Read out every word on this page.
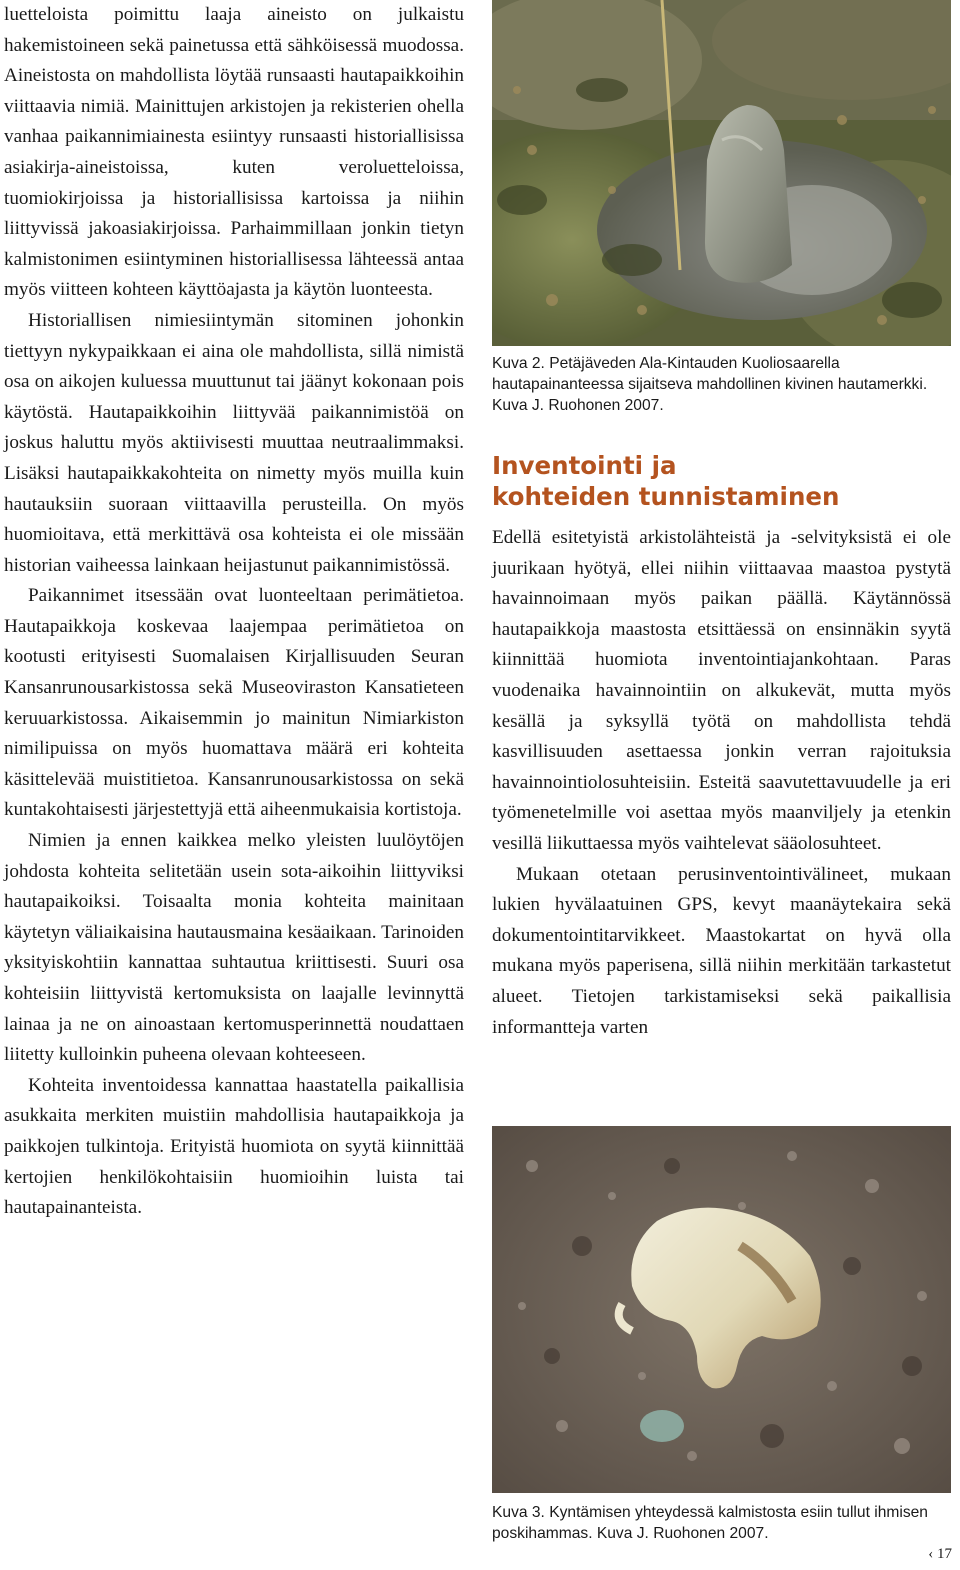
luetteloista poimittu laaja aineisto on julkaistu hakemistoineen sekä painetussa että sähköisessä muodossa. Aineistosta on mahdollista löytää runsaasti hautapaikkoihin viittaavia nimiä. Mainittujen arkistojen ja rekisterien ohella vanhaa paikannimiainesta esiintyy runsaasti historiallisissa asiakirja-aineistoissa, kuten veroluetteloissa, tuomiokirjoissa ja historiallisissa kartoissa ja niihin liittyvissä jakoasiakirjoissa. Parhaimmillaan jonkin tietyn kalmistonimen esiintyminen historiallisessa lähteessä antaa myös viitteen kohteen käyttöajasta ja käytön luonteesta.

Historiallisen nimiesiintymän sitominen johonkin tiettyyn nykypaikkaan ei aina ole mahdollista, sillä nimistä osa on aikojen kuluessa muuttunut tai jäänyt kokonaan pois käytöstä. Hautapaikkoihin liittyvää paikannimistöä on joskus haluttu myös aktiivisesti muuttaa neutraalimmaksi. Lisäksi hautapaikkakohteita on nimetty myös muilla kuin hautauksiin suoraan viittaavilla perusteilla. On myös huomioitava, että merkittävä osa kohteista ei ole missään historian vaiheessa lainkaan heijastunut paikannimistössä.

Paikannimet itsessään ovat luonteeltaan perimätietoa. Hautapaikkoja koskevaa laajempaa perimätietoa on kootusti erityisesti Suomalaisen Kirjallisuuden Seuran Kansanrunousarkistossa sekä Museoviraston Kansatieteen keruuarkistossa. Aikaisemmin jo mainitun Nimiarkiston nimilipuissa on myös huomattava määrä eri kohteita käsittelevää muistitietoa. Kansanrunousarkistossa on sekä kuntakohtaisesti järjestettyjä että aiheenmukaisia kortistoja.

Nimien ja ennen kaikkea melko yleisten luulöytöjen johdosta kohteita selitetään usein sota-aikoihin liittyviksi hautapaikoiksi. Toisaalta monia kohteita mainitaan käytetyn väliaikaisina hautausmaina kesäaikaan. Tarinoiden yksityiskohtiin kannattaa suhtautua kriittisesti. Suuri osa kohteisiin liittyvistä kertomuksista on laajalle levinnyttä lainaa ja ne on ainoastaan kertomusperinnettä noudattaen liitetty kulloinkin puheena olevaan kohteeseen.

Kohteita inventoidessa kannattaa haastatella paikallisia asukkaita merkiten muistiin mahdollisia hautapaikkoja ja paikkojen tulkintoja. Erityistä huomiota on syytä kiinnittää kertojien henkilökohtaisiin huomioihin luista tai hautapainanteista.

Kuva 2. Petäjäveden Ala-Kintauden Kuoliosaarella hautapainanteessa sijaitseva mahdollinen kivinen hautamerkki. Kuva J. Ruohonen 2007.
Inventointi ja
kohteiden tunnistaminen

Edellä esitetyistä arkistolähteistä ja -selvityksistä ei ole juurikaan hyötyä, ellei niihin viittaavaa maastoa pystytä havainnoimaan myös paikan päällä. Käytännössä hautapaikkoja maastosta etsittäessä on ensinnäkin syytä kiinnittää huomiota inventointiajankohtaan. Paras vuodenaika havainnointiin on alkukevät, mutta myös kesällä ja syksyllä työtä on mahdollista tehdä kasvillisuuden asettaessa jonkin verran rajoituksia havainnointiolosuhteisiin. Esteitä saavutettavuudelle ja eri työmenetelmille voi asettaa myös maanviljely ja etenkin vesillä liikuttaessa myös vaihtelevat sääolosuhteet.

Mukaan otetaan perusinventointivälineet, mukaan lukien hyvälaatuinen GPS, kevyt maanäytekaira sekä dokumentointitarvikkeet. Maastokartat on hyvä olla mukana myös paperisena, sillä niihin merkitään tarkastetut alueet. Tietojen tarkistamiseksi sekä paikallisia informantteja varten

Kuva 3. Kyntämisen yhteydessä kalmistosta esiin tullut ihmisen poskihammas. Kuva J. Ruohonen 2007.
‹ 17
